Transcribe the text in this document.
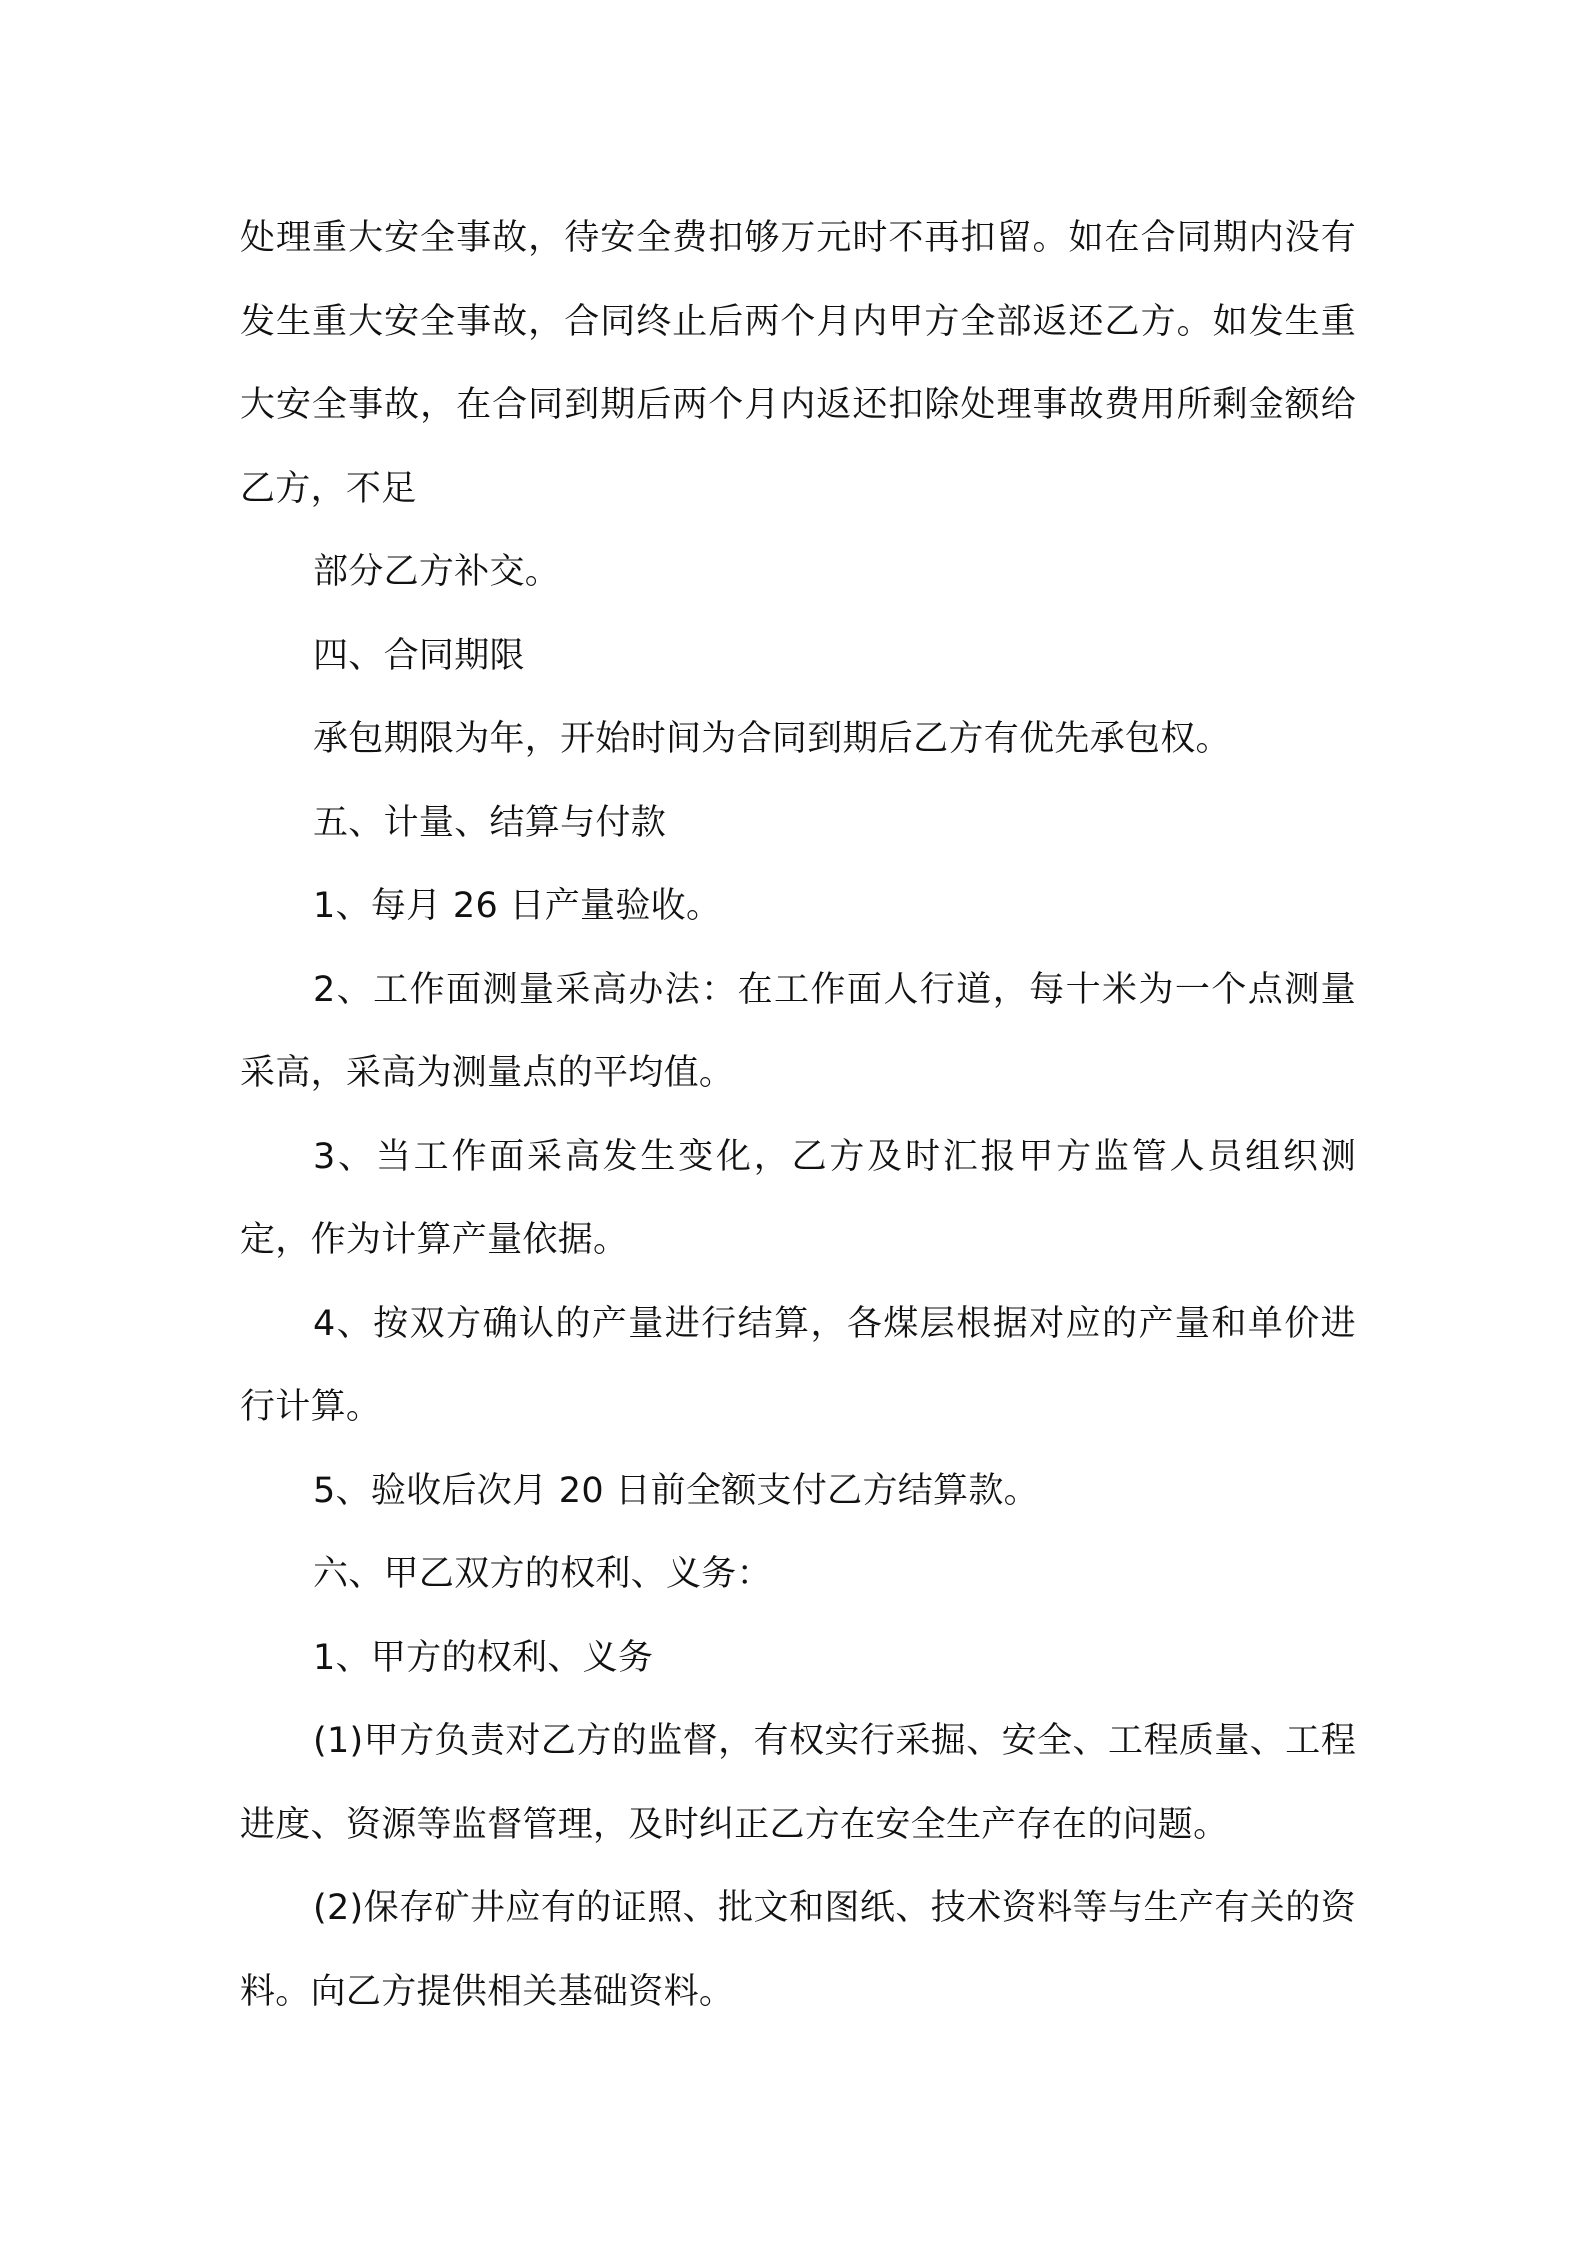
处理重大安全事故，待安全费扣够万元时不再扣留。如在合同期内没有发生重大安全事故，合同终止后两个月内甲方全部返还乙方。如发生重大安全事故，在合同到期后两个月内返还扣除处理事故费用所剩金额给乙方，不足

部分乙方补交。

四、合同期限

承包期限为年，开始时间为合同到期后乙方有优先承包权。

五、计量、结算与付款

1、每月 26 日产量验收。

2、工作面测量采高办法：在工作面人行道，每十米为一个点测量采高，采高为测量点的平均值。

3、当工作面采高发生变化，乙方及时汇报甲方监管人员组织测定，作为计算产量依据。

4、按双方确认的产量进行结算，各煤层根据对应的产量和单价进行计算。

5、验收后次月 20 日前全额支付乙方结算款。

六、甲乙双方的权利、义务：

1、甲方的权利、义务

(1)甲方负责对乙方的监督，有权实行采掘、安全、工程质量、工程进度、资源等监督管理，及时纠正乙方在安全生产存在的问题。

(2)保存矿井应有的证照、批文和图纸、技术资料等与生产有关的资料。向乙方提供相关基础资料。
